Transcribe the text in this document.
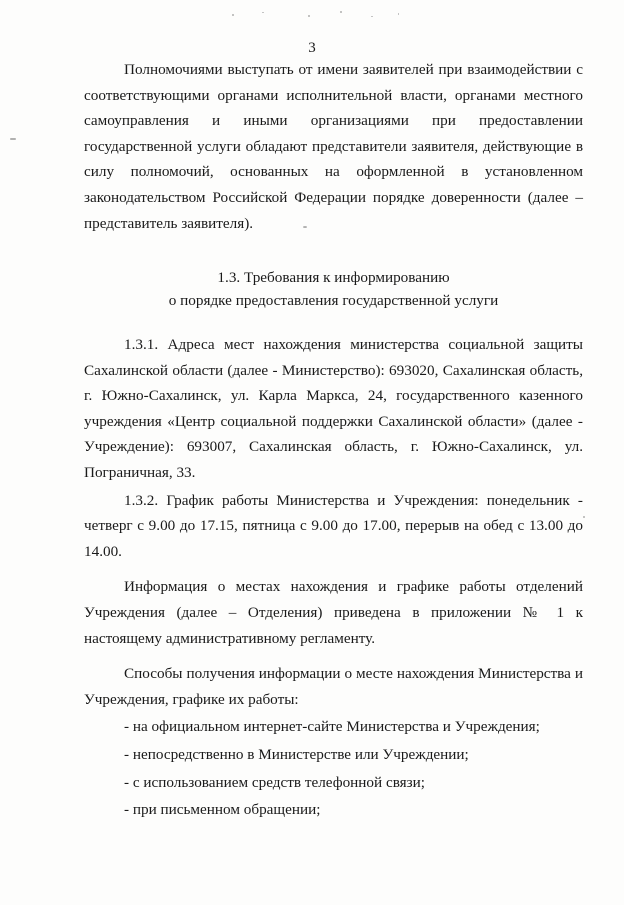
3

Полномочиями выступать от имени заявителей при взаимодействии с соответствующими органами исполнительной власти, органами местного самоуправления и иными организациями при предоставлении государственной услуги обладают представители заявителя, действующие в силу полномочий, основанных на оформленной в установленном законодательством Российской Федерации порядке доверенности (далее – представитель заявителя).

1.3. Требования к информированию
о порядке предоставления государственной услуги

1.3.1. Адреса мест нахождения министерства социальной защиты Сахалинской области (далее - Министерство): 693020, Сахалинская область, г. Южно-Сахалинск, ул. Карла Маркса, 24, государственного казенного учреждения «Центр социальной поддержки Сахалинской области» (далее - Учреждение): 693007, Сахалинская область, г. Южно-Сахалинск, ул. Пограничная, 33.

1.3.2. График работы Министерства и Учреждения: понедельник - четверг с 9.00 до 17.15, пятница с 9.00 до 17.00, перерыв на обед с 13.00 до 14.00.

Информация о местах нахождения и графике работы отделений Учреждения (далее – Отделения) приведена в приложении № 1 к настоящему административному регламенту.

Способы получения информации о месте нахождения Министерства и Учреждения, графике их работы:

- на официальном интернет-сайте Министерства и Учреждения;

- непосредственно в Министерстве или Учреждении;

- с использованием средств телефонной связи;

- при письменном обращении;
